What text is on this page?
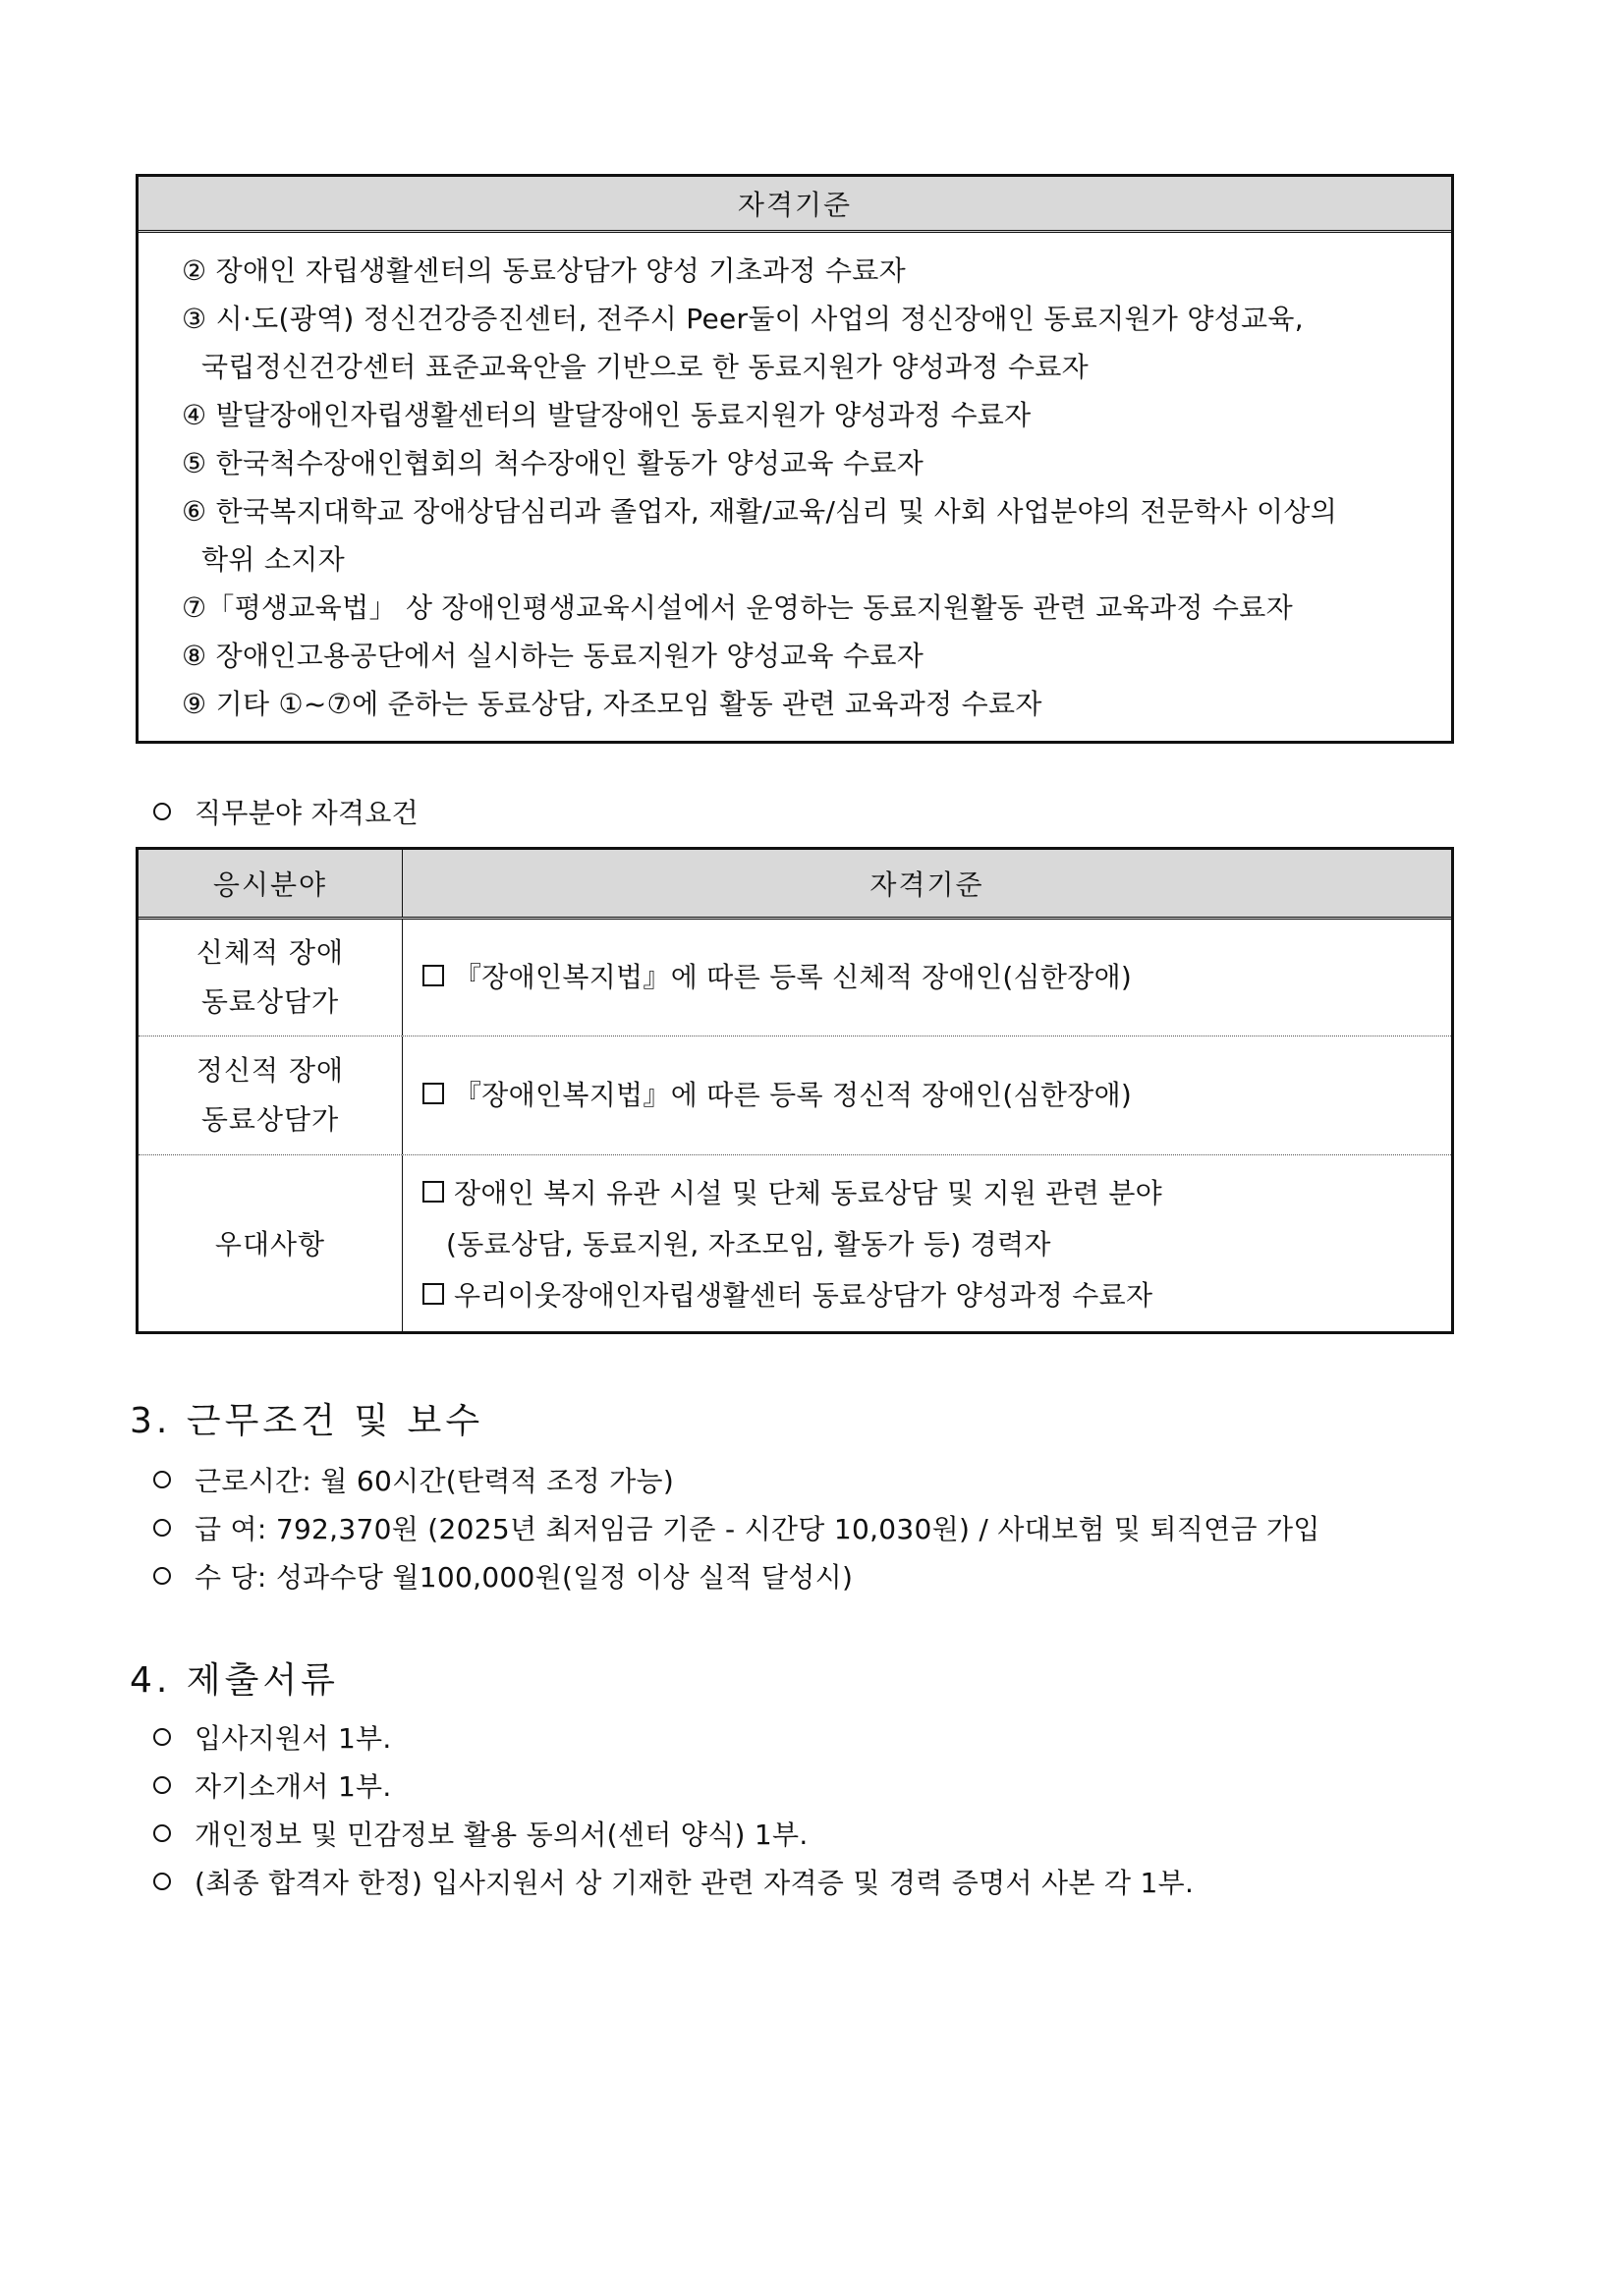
자격기준
② 장애인 자립생활센터의 동료상담가 양성 기초과정 수료자
③ 시·도(광역) 정신건강증진센터, 전주시 Peer둘이 사업의 정신장애인 동료지원가 양성교육,
국립정신건강센터 표준교육안을 기반으로 한 동료지원가 양성과정 수료자
④ 발달장애인자립생활센터의 발달장애인 동료지원가 양성과정 수료자
⑤ 한국척수장애인협회의 척수장애인 활동가 양성교육 수료자
⑥ 한국복지대학교 장애상담심리과 졸업자, 재활/교육/심리 및 사회 사업분야의 전문학사 이상의
학위 소지자
⑦「평생교육법」 상 장애인평생교육시설에서 운영하는 동료지원활동 관련 교육과정 수료자
⑧ 장애인고용공단에서 실시하는 동료지원가 양성교육 수료자
⑨ 기타 ①~⑦에 준하는 동료상담, 자조모임 활동 관련 교육과정 수료자
직무분야 자격요건
응시분야	자격기준
신체적 장애
동료상담가
『장애인복지법』에 따른 등록 신체적 장애인(심한장애)
정신적 장애
동료상담가
『장애인복지법』에 따른 등록 정신적 장애인(심한장애)
우대사항
장애인 복지 유관 시설 및 단체 동료상담 및 지원 관련 분야
(동료상담, 동료지원, 자조모임, 활동가 등) 경력자
우리이웃장애인자립생활센터 동료상담가 양성과정 수료자
3. 근무조건 및 보수
근로시간: 월 60시간(탄력적 조정 가능)
급 여: 792,370원 (2025년 최저임금 기준 - 시간당 10,030원) / 사대보험 및 퇴직연금 가입
수 당: 성과수당 월100,000원(일정 이상 실적 달성시)
4. 제출서류
입사지원서 1부.
자기소개서 1부.
개인정보 및 민감정보 활용 동의서(센터 양식) 1부.
(최종 합격자 한정) 입사지원서 상 기재한 관련 자격증 및 경력 증명서 사본 각 1부.
